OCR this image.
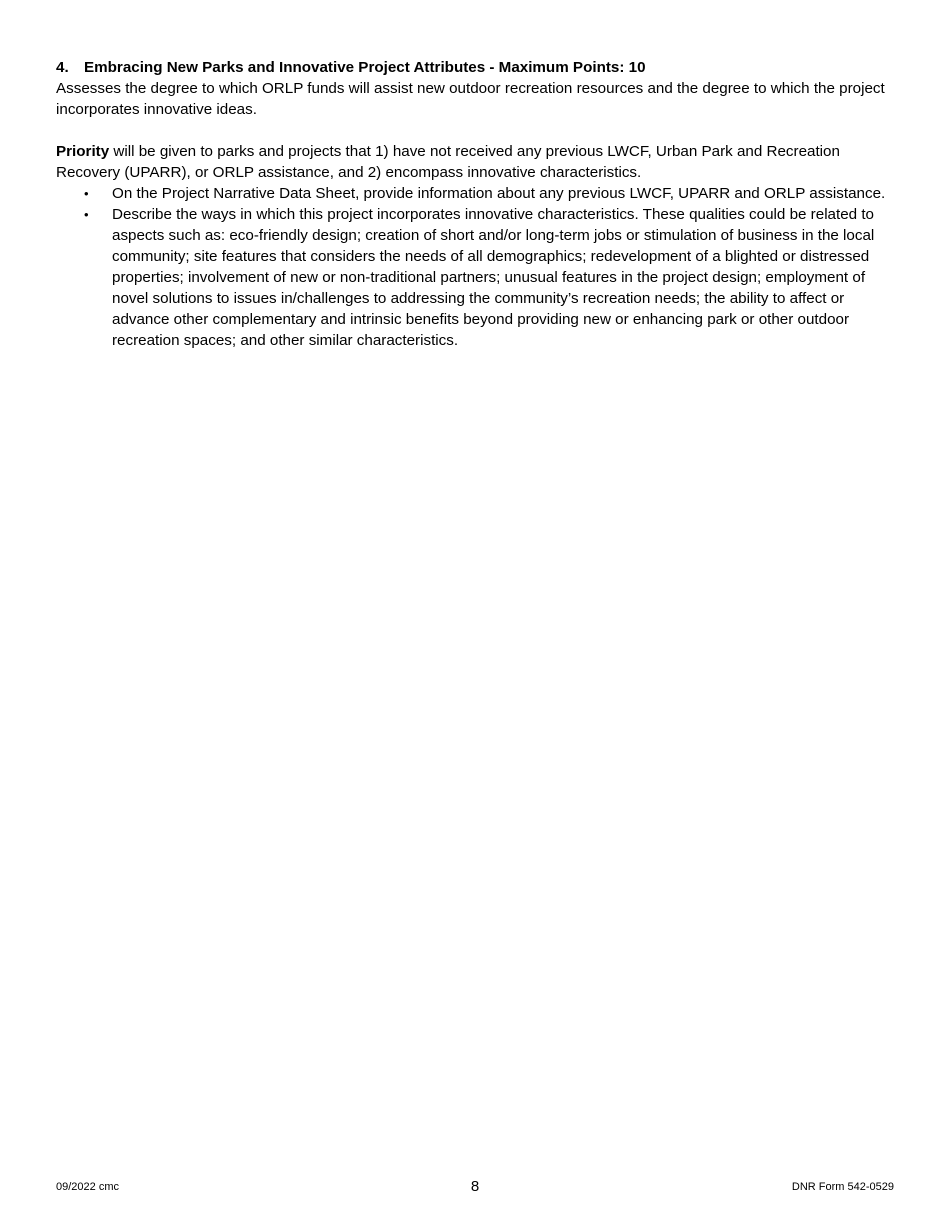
4. Embracing New Parks and Innovative Project Attributes - Maximum Points: 10

Assesses the degree to which ORLP funds will assist new outdoor recreation resources and the degree to which the project incorporates innovative ideas.

Priority will be given to parks and projects that 1) have not received any previous LWCF, Urban Park and Recreation Recovery (UPARR), or ORLP assistance, and 2) encompass innovative characteristics.

• On the Project Narrative Data Sheet, provide information about any previous LWCF, UPARR and ORLP assistance.
• Describe the ways in which this project incorporates innovative characteristics. These qualities could be related to aspects such as: eco-friendly design; creation of short and/or long-term jobs or stimulation of business in the local community; site features that considers the needs of all demographics; redevelopment of a blighted or distressed properties; involvement of new or non-traditional partners; unusual features in the project design; employment of novel solutions to issues in/challenges to addressing the community’s recreation needs; the ability to affect or advance other complementary and intrinsic benefits beyond providing new or enhancing park or other outdoor recreation spaces; and other similar characteristics.
09/2022 cmc	8	DNR Form 542-0529
